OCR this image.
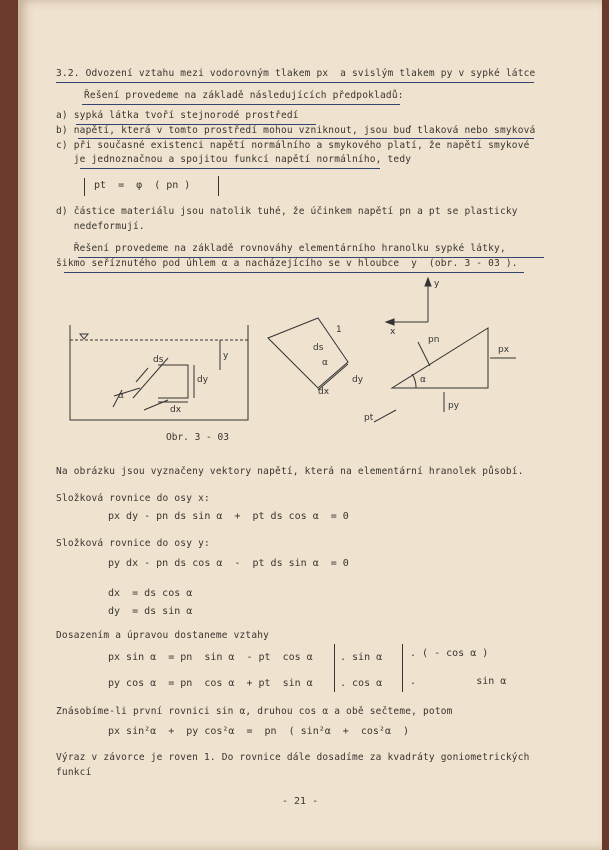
3.2. Odvození vztahu mezi vodorovným tlakem px  a svislým tlakem py v sypké látce
Řešení provedeme na základě následujících předpokladů:
a) sypká látka tvoří stejnorodé prostředí
b) napětí, která v tomto prostředí mohou vzniknout, jsou buď tlaková nebo smyková
c) při současné existenci napětí normálního a smykového platí, že napětí smykové
je jednoznačnou a spojitou funkcí napětí normálního, tedy
pt  =  φ  ( pn )
d) částice materiálu jsou natolik tuhé, že účinkem napětí pn a pt se plasticky
nedeformují.
Řešení provedeme na základě rovnováhy elementárního hranolku sypké látky,
šikmo seříznutého pod úhlem α a nacházejícího se v hloubce  y  (obr. 3 - 03 ).
ds
dx
dy
y
α
ds
1
dy
dx
α
y
x
pn
px
py
pt
α
Obr. 3 - 03
Na obrázku jsou vyznačeny vektory napětí, která na elementární hranolek působí.
Složková rovnice do osy x:
px dy - pn ds sin α  +  pt ds cos α  = 0
Složková rovnice do osy y:
py dx - pn ds cos α  -  pt ds sin α  = 0
dx  = ds cos α
dy  = ds sin α
Dosazením a úpravou dostaneme vztahy
px sin α  = pn  sin α  - pt  cos α
py cos α  = pn  cos α  + pt  sin α
. sin α
. cos α
. ( - cos α )
.          sin α
Znásobíme-li první rovnici sin α, druhou cos α a obě sečteme, potom
px sin²α  +  py cos²α  =  pn  ( sin²α  +  cos²α  )
Výraz v závorce je roven 1. Do rovnice dále dosadíme za kvadráty goniometrických
funkcí
- 21 -
